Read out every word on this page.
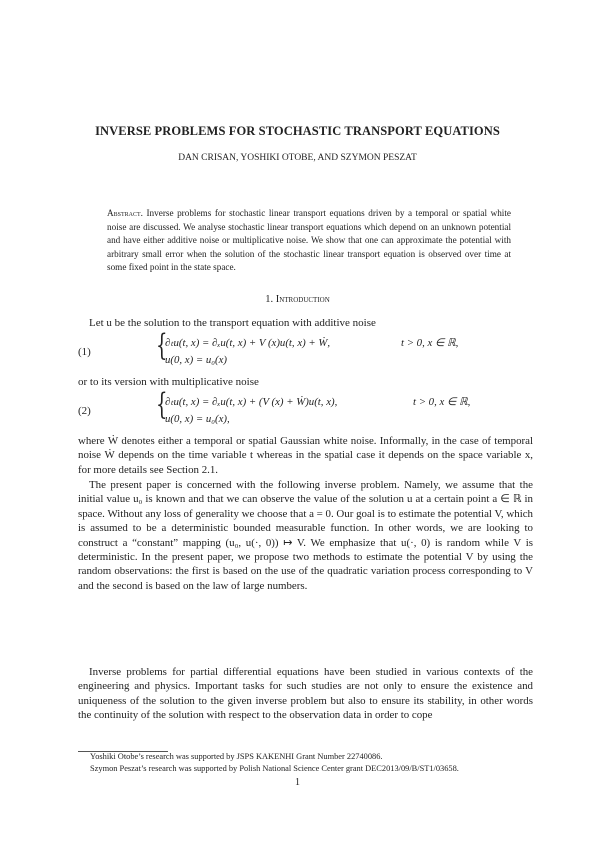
INVERSE PROBLEMS FOR STOCHASTIC TRANSPORT EQUATIONS
DAN CRISAN, YOSHIKI OTOBE, AND SZYMON PESZAT
Abstract. Inverse problems for stochastic linear transport equations driven by a temporal or spatial white noise are discussed. We analyse stochastic linear transport equations which depend on an unknown potential and have either additive noise or multiplicative noise. We show that one can approximate the potential with arbitrary small error when the solution of the stochastic linear transport equation is observed over time at some fixed point in the state space.
1. Introduction
Let u be the solution to the transport equation with additive noise
(1) {
∂ₜu(t, x) = ∂ₓu(t, x) + V (x)u(t, x) + Ẇ,	t > 0, x ∈ ℝ,
u(0, x) = u₀(x)
or to its version with multiplicative noise
(2) {
∂ₜu(t, x) = ∂ₓu(t, x) + (V (x) + Ẇ)u(t, x),	t > 0, x ∈ ℝ,
u(0, x) = u₀(x),
where Ẇ denotes either a temporal or spatial Gaussian white noise. Informally, in the case of temporal noise Ẇ depends on the time variable t whereas in the spatial case it depends on the space variable x, for more details see Section 2.1.
The present paper is concerned with the following inverse problem. Namely, we assume that the initial value u₀ is known and that we can observe the value of the solution u at a certain point a ∈ ℝ in space. Without any loss of generality we choose that a = 0. Our goal is to estimate the potential V, which is assumed to be a deterministic bounded measurable function. In other words, we are looking to construct a “constant” mapping (u₀, u(·, 0)) ↦ V. We emphasize that u(·, 0) is random while V is deterministic. In the present paper, we propose two methods to estimate the potential V by using the random observations: the first is based on the use of the quadratic variation process corresponding to V and the second is based on the law of large numbers.
Inverse problems for partial differential equations have been studied in various contexts of the engineering and physics. Important tasks for such studies are not only to ensure the existence and uniqueness of the solution to the given inverse problem but also to ensure its stability, in other words the continuity of the solution with respect to the observation data in order to cope
Yoshiki Otobe’s research was supported by JSPS KAKENHI Grant Number 22740086.
Szymon Peszat’s research was supported by Polish National Science Center grant DEC2013/09/B/ST1/03658.
1
